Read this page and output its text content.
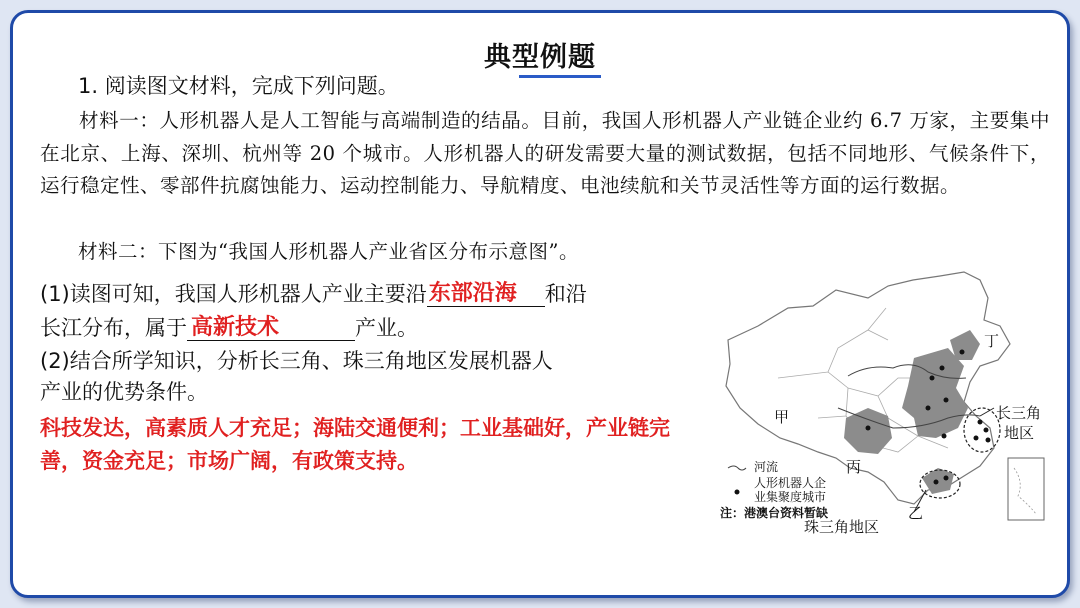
典型例题
1. 阅读图文材料，完成下列问题。
材料一：人形机器人是人工智能与高端制造的结晶。目前，我国人形机器人产业链企业约 6.7 万家，主要集中在北京、上海、深圳、杭州等 20 个城市。人形机器人的研发需要大量的测试数据，包括不同地形、气候条件下，运行稳定性、零部件抗腐蚀能力、运动控制能力、导航精度、电池续航和关节灵活性等方面的运行数据。
材料二：下图为“我国人形机器人产业省区分布示意图”。
(1)读图可知，我国人形机器人产业主要沿 东部沿海 和沿
长江分布，属于 高新技术	产业。
(2)结合所学知识，分析长三角、珠三角地区发展机器人
产业的优势条件。
科技发达，高素质人才充足；海陆交通便利；工业基础好，产业链完善，资金充足；市场广阔，有政策支持。
甲
乙
丙
丁
长三角
地区
珠三角地区
河流
人形机器人企
业集聚度城市
注：港澳台资料暂缺
